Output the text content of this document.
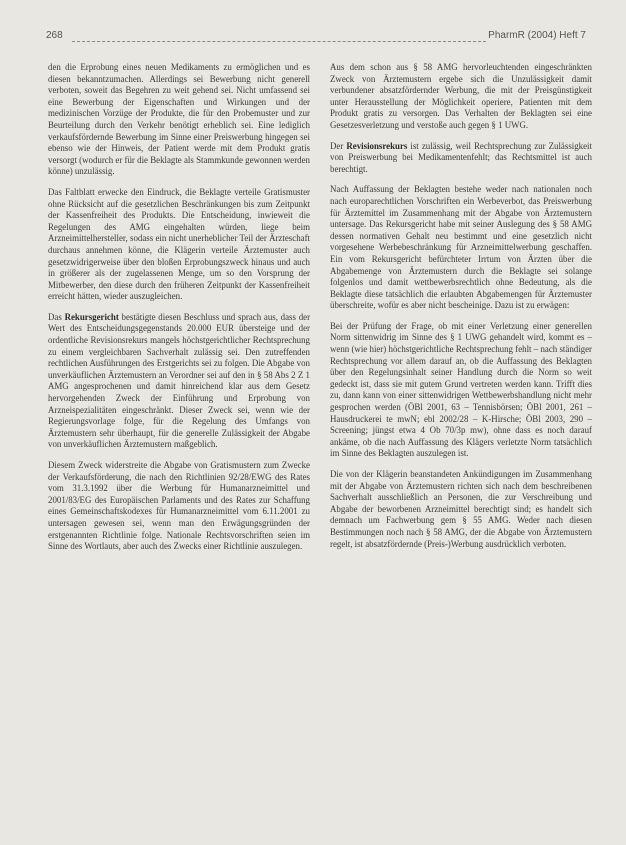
268	PharmR (2004) Heft 7

den die Erprobung eines neuen Medikaments zu ermöglichen und es diesen bekanntzumachen. Allerdings sei Bewerbung nicht generell verboten, soweit das Begehren zu weit gehend sei. Nicht umfassend sei eine Bewerbung der Eigenschaften und Wirkungen und der medizinischen Vorzüge der Produkte, die für den Probemuster und zur Beurteilung durch den Verkehr benötigt erheblich sei. Eine lediglich verkaufsfördernde Bewerbung im Sinne einer Preiswerbung hingegen sei ebenso wie der Hinweis, der Patient werde mit dem Produkt gratis versorgt (wodurch er für die Beklagte als Stammkunde gewonnen werden könne) unzulässig.

Das Faltblatt erwecke den Eindruck, die Beklagte verteile Gratismuster ohne Rücksicht auf die gesetzlichen Beschränkungen bis zum Zeitpunkt der Kassenfreiheit des Produkts. Die Entscheidung, inwieweit die Regelungen des AMG eingehalten würden, liege beim Arzneimittelhersteller, sodass ein nicht unerheblicher Teil der Ärzteschaft durchaus annehmen könne, die Klägerin verteile Ärztemuster auch gesetzwidrigerweise über den bloßen Erprobungszweck hinaus und auch in größerer als der zugelassenen Menge, um so den Vorsprung der Mitbewerber, den diese durch den früheren Zeitpunkt der Kassenfreiheit erreicht hätten, wieder auszugleichen.

Das Rekursgericht bestätigte diesen Beschluss und sprach aus, dass der Wert des Entscheidungsgegenstands 20.000 EUR übersteige und der ordentliche Revisionsrekurs mangels höchstgerichtlicher Rechtsprechung zu einem vergleichbaren Sachverhalt zulässig sei. Den zutreffenden rechtlichen Ausführungen des Erstgerichts sei zu folgen. Die Abgabe von unverkäuflichen Ärztemustern an Verordner sei auf den in § 58 Abs 2 Z 1 AMG angesprochenen und damit hinreichend klar aus dem Gesetz hervorgehenden Zweck der Einführung und Erprobung von Arzneispezialitäten eingeschränkt. Dieser Zweck sei, wenn wie der Regierungsvorlage folge, für die Regelung des Umfangs von Ärztemustern sehr überhaupt, für die generelle Zulässigkeit der Abgabe von unverkäuflichen Ärztemustern maßgeblich.

Diesem Zweck widerstreite die Abgabe von Gratismustern zum Zwecke der Verkaufsförderung, die nach den Richtlinien 92/28/EWG des Rates vom 31.3.1992 über die Werbung für Humanarzneimittel und 2001/83/EG des Europäischen Parlaments und des Rates zur Schaffung eines Gemeinschaftskodexes für Humanarzneimittel vom 6.11.2001 zu untersagen gewesen sei, wenn man den Erwägungsgründen der erstgenannten Richtlinie folge. Nationale Rechtsvorschriften seien im Sinne des Wortlauts, aber auch des Zwecks einer Richtlinie auszulegen.

Aus dem schon aus § 58 AMG hervorleuchtenden eingeschränkten Zweck von Ärztemustern ergebe sich die Unzulässigkeit damit verbundener absatzfördernder Werbung, die mit der Preisgünstigkeit unter Herausstellung der Möglichkeit operiere, Patienten mit dem Produkt gratis zu versorgen. Das Verhalten der Beklagten sei eine Gesetzesverletzung und verstoße auch gegen § 1 UWG.

Der Revisionsrekurs ist zulässig, weil Rechtsprechung zur Zulässigkeit von Preiswerbung bei Medikamentenfehlt; das Rechtsmittel ist auch berechtigt.

Nach Auffassung der Beklagten bestehe weder nach nationalen noch nach europarechtlichen Vorschriften ein Werbeverbot, das Preiswerbung für Ärztemittel im Zusammenhang mit der Abgabe von Ärztemustern untersage. Das Rekursgericht habe mit seiner Auslegung des § 58 AMG dessen normativen Gehalt neu bestimmt und eine gesetzlich nicht vorgesehene Werbebeschränkung für Arzneimittelwerbung geschaffen. Ein vom Rekursgericht befürchteter Irrtum von Ärzten über die Abgabemenge von Ärztemustern durch die Beklagte sei solange folgenlos und damit wettbewerbsrechtlich ohne Bedeutung, als die Beklagte diese tatsächlich die erlaubten Abgabemengen für Ärztemuster überschreite, wofür es aber nicht bescheinige. Dazu ist zu erwägen:

Bei der Prüfung der Frage, ob mit einer Verletzung einer generellen Norm sittenwidrig im Sinne des § 1 UWG gehandelt wird, kommt es – wenn (wie hier) höchstgerichtliche Rechtsprechung fehlt – nach ständiger Rechtsprechung vor allem darauf an, ob die Auffassung des Beklagten über den Regelungsinhalt seiner Handlung durch die Norm so weit gedeckt ist, dass sie mit gutem Grund vertreten werden kann. Trifft dies zu, dann kann von einer sittenwidrigen Wettbewerbshandlung nicht mehr gesprochen werden (ÖBl 2001, 63 – Tennisbörsen; ÖBl 2001, 261 – Hausdruckerei te mwN; ebl 2002/28 – K-Hirsche; ÖBl 2003, 290 – Screening; jüngst etwa 4 Ob 70/3p mw), ohne dass es noch darauf ankäme, ob die nach Auffassung des Klägers verletzte Norm tatsächlich im Sinne des Beklagten auszulegen ist.

Die von der Klägerin beanstandeten Ankündigungen im Zusammenhang mit der Abgabe von Ärztemustern richten sich nach dem beschreibenen Sachverhalt ausschließlich an Personen, die zur Verschreibung und Abgabe der beworbenen Arzneimittel berechtigt sind; es handelt sich demnach um Fachwerbung gem § 55 AMG. Weder nach diesen Bestimmungen noch nach § 58 AMG, der die Abgabe von Ärztemustern regelt, ist absatzfördernde (Preis-)Werbung ausdrücklich verboten.
